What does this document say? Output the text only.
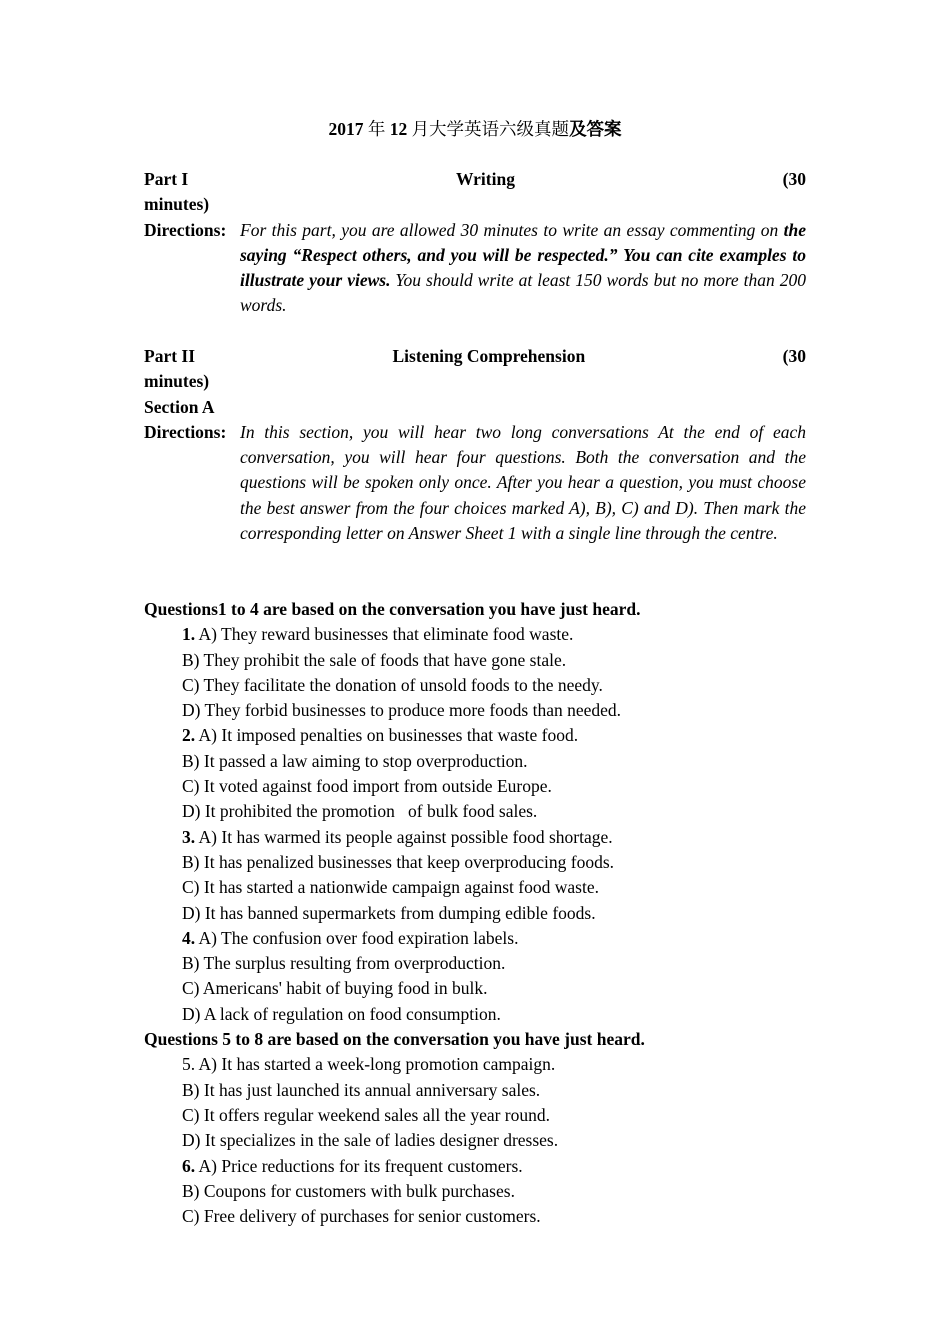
2017 年 12 月大学英语六级真题及答案
Part I	Writing	(30
minutes)
Directions: For this part, you are allowed 30 minutes to write an essay commenting on the saying “Respect others, and you will be respected.” You can cite examples to illustrate your views. You should write at least 150 words but no more than 200 words.
Part II	Listening Comprehension	(30
minutes)
Section A
Directions: In this section, you will hear two long conversations At the end of each conversation, you will hear four questions. Both the conversation and the questions will be spoken only once. After you hear a question, you must choose the best answer from the four choices marked A), B), C) and D). Then mark the corresponding letter on Answer Sheet 1 with a single line through the centre.
Questions1 to 4 are based on the conversation you have just heard.
1. A) They reward businesses that eliminate food waste.
B) They prohibit the sale of foods that have gone stale.
C) They facilitate the donation of unsold foods to the needy.
D) They forbid businesses to produce more foods than needed.
2. A) It imposed penalties on businesses that waste food.
B) It passed a law aiming to stop overproduction.
C) It voted against food import from outside Europe.
D) It prohibited the promotion   of bulk food sales.
3. A) It has warmed its people against possible food shortage.
B) It has penalized businesses that keep overproducing foods.
C) It has started a nationwide campaign against food waste.
D) It has banned supermarkets from dumping edible foods.
4. A) The confusion over food expiration labels.
B) The surplus resulting from overproduction.
C) Americans' habit of buying food in bulk.
D) A lack of regulation on food consumption.
Questions 5 to 8 are based on the conversation you have just heard.
5. A) It has started a week-long promotion campaign.
B) It has just launched its annual anniversary sales.
C) It offers regular weekend sales all the year round.
D) It specializes in the sale of ladies designer dresses.
6. A) Price reductions for its frequent customers.
B) Coupons for customers with bulk purchases.
C) Free delivery of purchases for senior customers.
